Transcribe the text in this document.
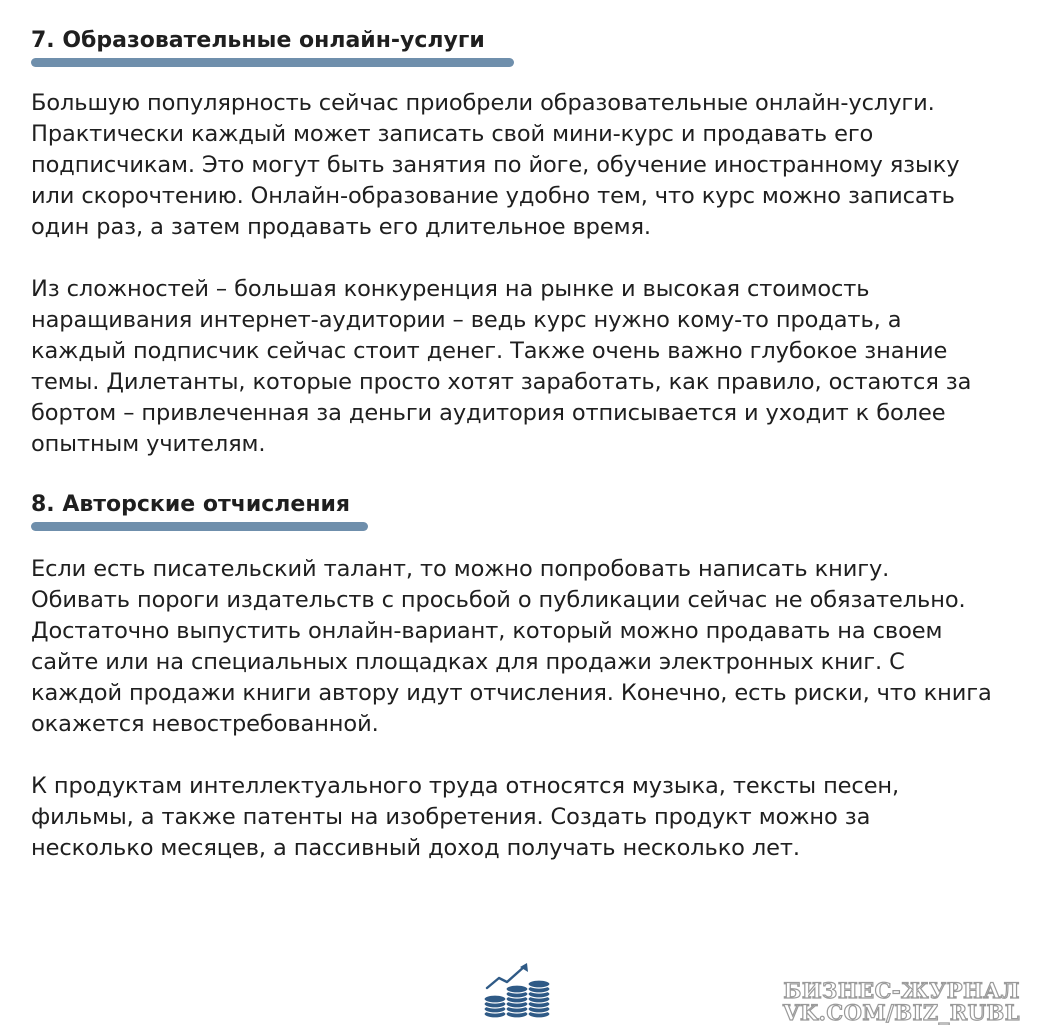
7. Образовательные онлайн-услуги

Большую популярность сейчас приобрели образовательные онлайн-услуги.
Практически каждый может записать свой мини-курс и продавать его
подписчикам. Это могут быть занятия по йоге, обучение иностранному языку
или скорочтению. Онлайн-образование удобно тем, что курс можно записать
один раз, а затем продавать его длительное время.

Из сложностей – большая конкуренция на рынке и высокая стоимость
наращивания интернет-аудитории – ведь курс нужно кому-то продать, а
каждый подписчик сейчас стоит денег. Также очень важно глубокое знание
темы. Дилетанты, которые просто хотят заработать, как правило, остаются за
бортом – привлеченная за деньги аудитория отписывается и уходит к более
опытным учителям.

8. Авторские отчисления

Если есть писательский талант, то можно попробовать написать книгу.
Обивать пороги издательств с просьбой о публикации сейчас не обязательно.
Достаточно выпустить онлайн-вариант, который можно продавать на своем
сайте или на специальных площадках для продажи электронных книг. С
каждой продажи книги автору идут отчисления. Конечно, есть риски, что книга
окажется невостребованной.

К продуктам интеллектуального труда относятся музыка, тексты песен,
фильмы, а также патенты на изобретения. Создать продукт можно за
несколько месяцев, а пассивный доход получать несколько лет.

БИЗНЕС-ЖУРНАЛ
VK.COM/BIZ_RUBL
